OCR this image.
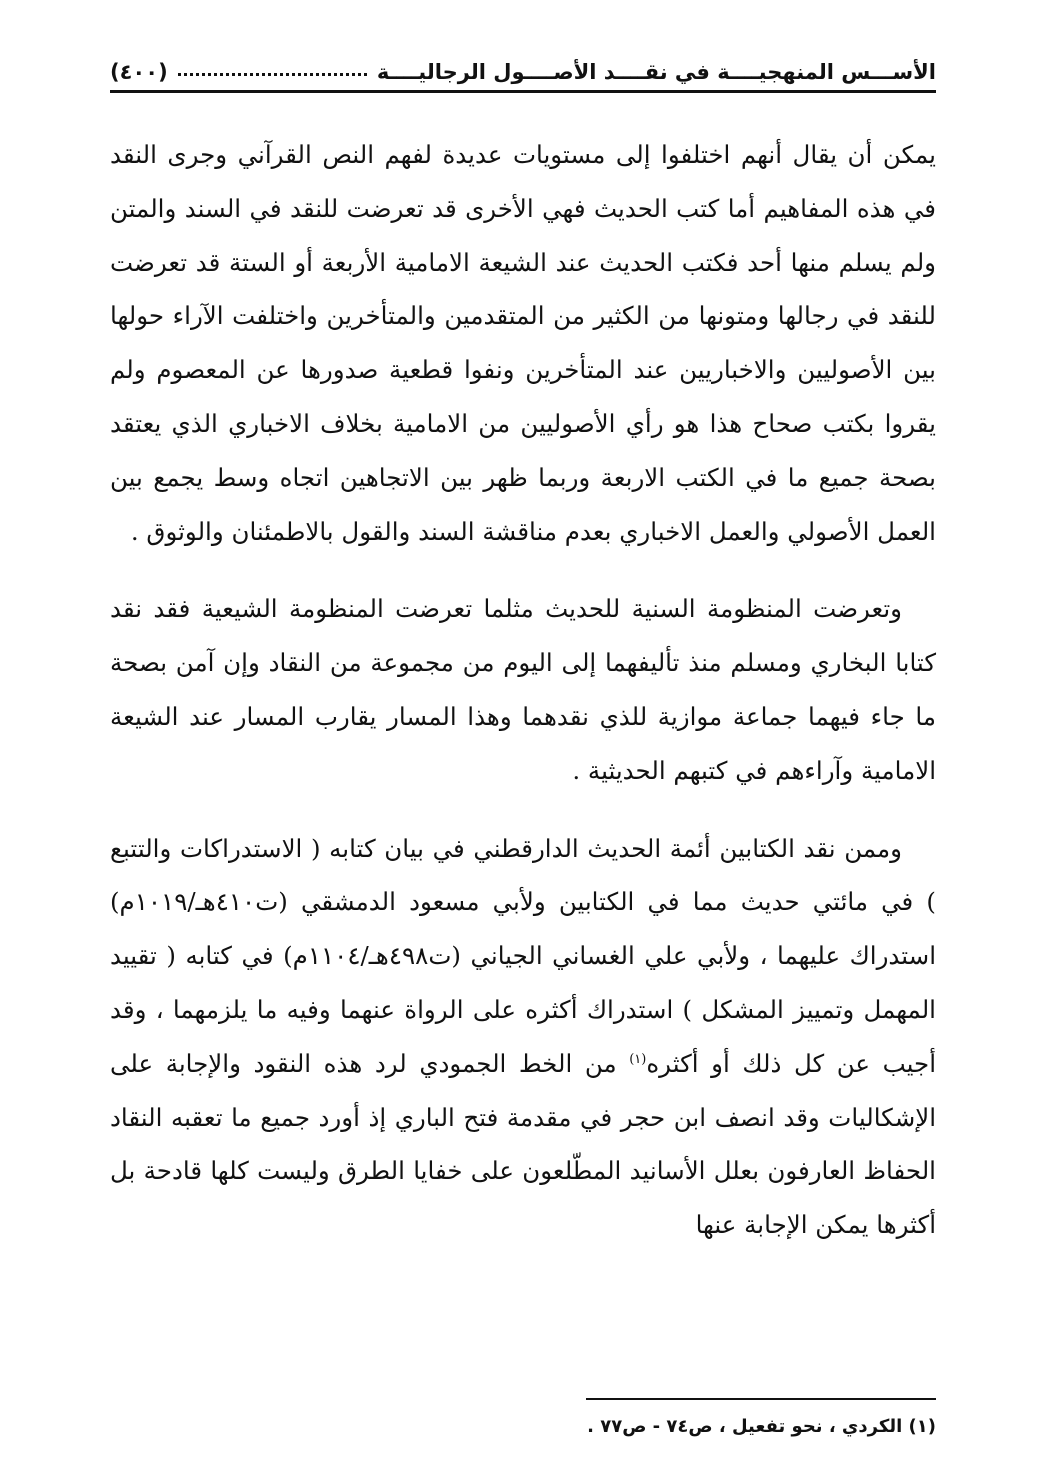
الأســـس المنهجيــــة في نقــــد الأصــــول الرجاليــــة
(٤٠٠)

يمكن أن يقال أنهم اختلفوا إلى مستويات عديدة لفهم النص القرآني وجرى النقد في هذه المفاهيم أما كتب الحديث فهي الأخرى قد تعرضت للنقد في السند والمتن ولم يسلم منها أحد فكتب الحديث عند الشيعة الامامية الأربعة أو الستة قد تعرضت للنقد في رجالها ومتونها من الكثير من المتقدمين والمتأخرين واختلفت الآراء حولها بين الأصوليين والاخباريين عند المتأخرين ونفوا قطعية صدورها عن المعصوم ولم يقروا بكتب صحاح هذا هو رأي الأصوليين من الامامية بخلاف الاخباري الذي يعتقد بصحة جميع ما في الكتب الاربعة وربما ظهر بين الاتجاهين اتجاه وسط يجمع بين العمل الأصولي والعمل الاخباري بعدم مناقشة السند والقول بالاطمئنان والوثوق .

وتعرضت المنظومة السنية للحديث مثلما تعرضت المنظومة الشيعية فقد نقد كتابا البخاري ومسلم منذ تأليفهما إلى اليوم من مجموعة من النقاد وإن آمن بصحة ما جاء فيهما جماعة موازية للذي نقدهما وهذا المسار يقارب المسار عند الشيعة الامامية وآراءهم في كتبهم الحديثية .

وممن نقد الكتابين أئمة الحديث الدارقطني في بيان كتابه ( الاستدراكات والتتبع ) في مائتي حديث مما في الكتابين ولأبي مسعود الدمشقي (ت٤١٠هـ/١٠١٩م) استدراك عليهما ، ولأبي علي الغساني الجياني (ت٤٩٨هـ/١١٠٤م) في كتابه ( تقييد المهمل وتمييز المشكل ) استدراك أكثره على الرواة عنهما وفيه ما يلزمهما ، وقد أجيب عن كل ذلك أو أكثره$^{(١)}$ من الخط الجمودي لرد هذه النقود والإجابة على الإشكاليات وقد انصف ابن حجر في مقدمة فتح الباري إذ أورد جميع ما تعقبه النقاد الحفاظ العارفون بعلل الأسانيد المطّلعون على خفايا الطرق وليست كلها قادحة بل أكثرها يمكن الإجابة عنها

(١) الكردي ، نحو تفعيل ، ص٧٤ - ص٧٧ .
